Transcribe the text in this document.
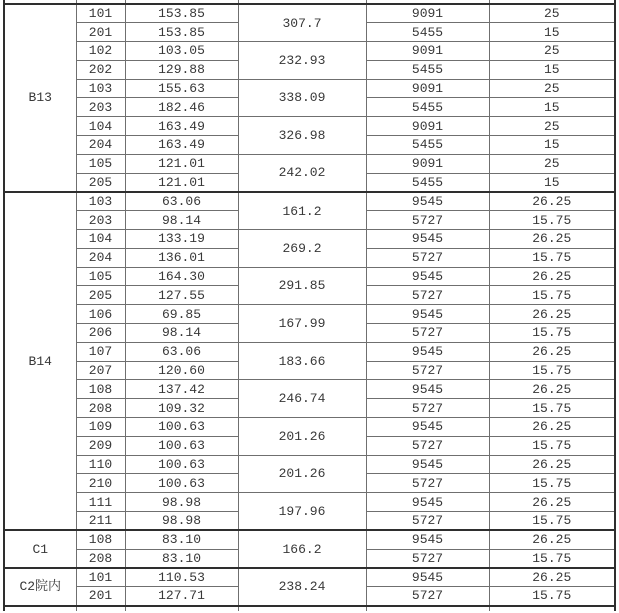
B13	101	153.85	307.7	9091	25
	201	153.85		5455	15
	102	103.05	232.93	9091	25
	202	129.88		5455	15
	103	155.63	338.09	9091	25
	203	182.46		5455	15
	104	163.49	326.98	9091	25
	204	163.49		5455	15
	105	121.01	242.02	9091	25
	205	121.01		5455	15
B14	103	63.06	161.2	9545	26.25
	203	98.14		5727	15.75
	104	133.19	269.2	9545	26.25
	204	136.01		5727	15.75
	105	164.30	291.85	9545	26.25
	205	127.55		5727	15.75
	106	69.85	167.99	9545	26.25
	206	98.14		5727	15.75
	107	63.06	183.66	9545	26.25
	207	120.60		5727	15.75
	108	137.42	246.74	9545	26.25
	208	109.32		5727	15.75
	109	100.63	201.26	9545	26.25
	209	100.63		5727	15.75
	110	100.63	201.26	9545	26.25
	210	100.63		5727	15.75
	111	98.98	197.96	9545	26.25
	211	98.98		5727	15.75
C1	108	83.10	166.2	9545	26.25
	208	83.10		5727	15.75
C2院内	101	110.53	238.24	9545	26.25
	201	127.71		5727	15.75
